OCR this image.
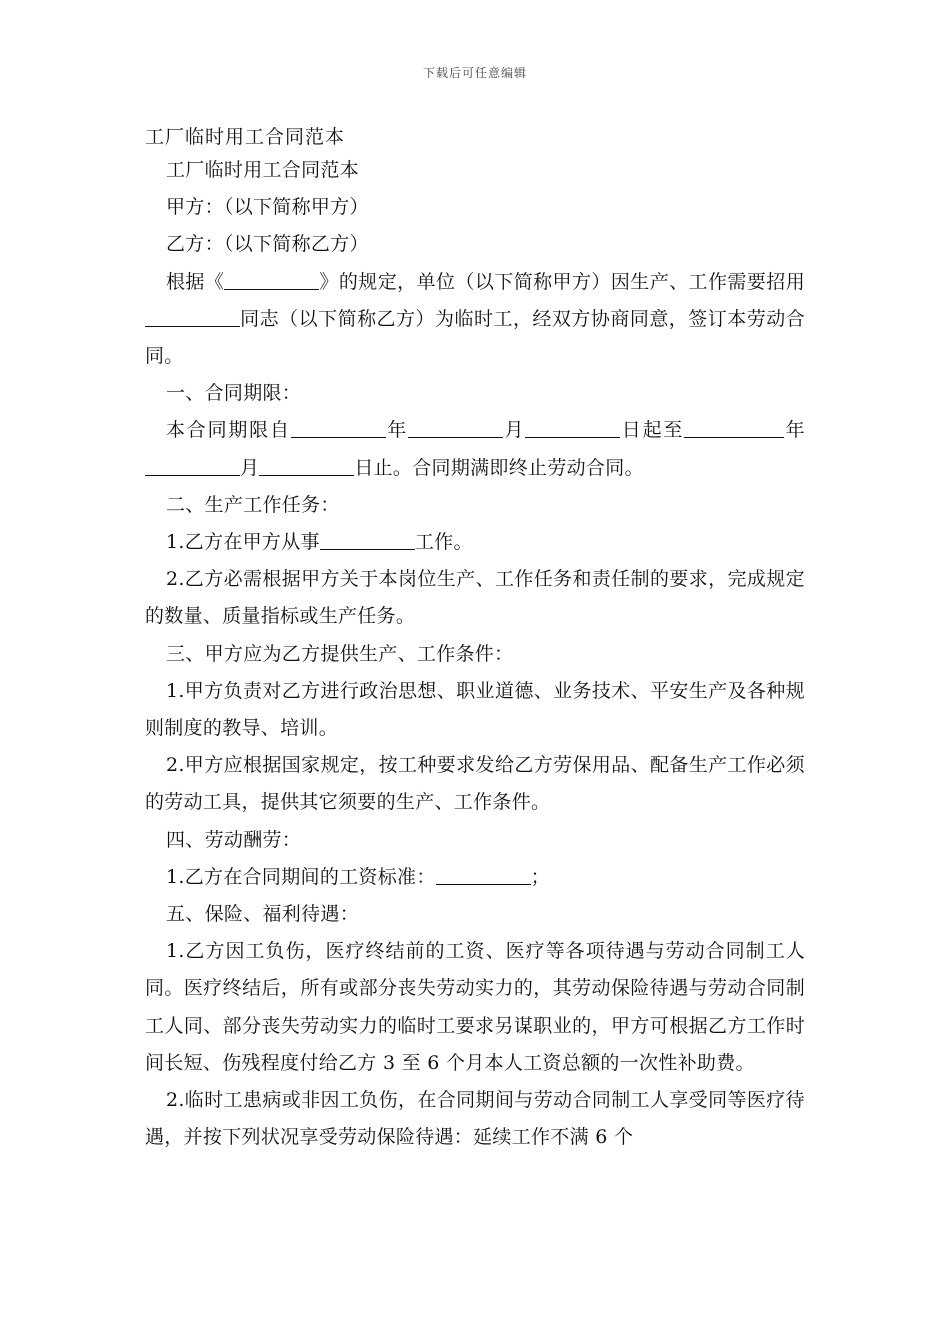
下载后可任意编辑
工厂临时用工合同范本

工厂临时用工合同范本

甲方：（以下简称甲方）

乙方：（以下简称乙方）

根据《	》的规定，单位（以下简称甲方）因生产、工作需要招用同志（以下简称乙方）为临时工，经双方协商同意，签订本劳动合同。

一、合同期限：

本合同期限自	年	月	日起至	年月	日止。合同期满即终止劳动合同。

二、生产工作任务：

1.乙方在甲方从事	工作。

2.乙方必需根据甲方关于本岗位生产、工作任务和责任制的要求，完成规定的数量、质量指标或生产任务。

三、甲方应为乙方提供生产、工作条件：

1.甲方负责对乙方进行政治思想、职业道德、业务技术、平安生产及各种规则制度的教导、培训。

2.甲方应根据国家规定，按工种要求发给乙方劳保用品、配备生产工作必须的劳动工具，提供其它须要的生产、工作条件。

四、劳动酬劳：

1.乙方在合同期间的工资标准：	；

五、保险、福利待遇：

1.乙方因工负伤，医疗终结前的工资、医疗等各项待遇与劳动合同制工人同。医疗终结后，所有或部分丧失劳动实力的，其劳动保险待遇与劳动合同制工人同、部分丧失劳动实力的临时工要求另谋职业的，甲方可根据乙方工作时间长短、伤残程度付给乙方 3 至 6 个月本人工资总额的一次性补助费。

2.临时工患病或非因工负伤，在合同期间与劳动合同制工人享受同等医疗待遇，并按下列状况享受劳动保险待遇：延续工作不满 6 个
